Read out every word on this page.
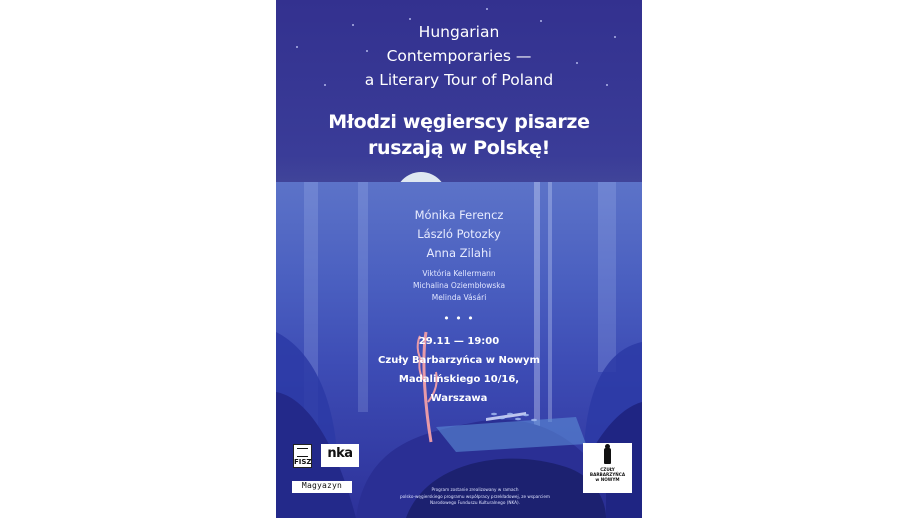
Hungarian
Contemporaries —
a Literary Tour of Poland
Młodzi węgierscy pisarze
ruszają w Polskę!
Mónika Ferencz
László Potozky
Anna Zilahi
Viktória Kellermann
Michalina Oziembłowska
Melinda Vásári
• • •
29.11 — 19:00
Czuły Barbarzyńca w Nowym
Madalińskiego 10/16,
Warszawa
FISZ
nka
Magyazyn
CZUŁY
BARBARZYŃCA
w NOWYM
Program zostanie zrealizowany w ramach
polsko-węgierskiego programu współpracy przekładowej, ze wsparciem
Narodowego Funduszu Kulturalnego (NKA).
